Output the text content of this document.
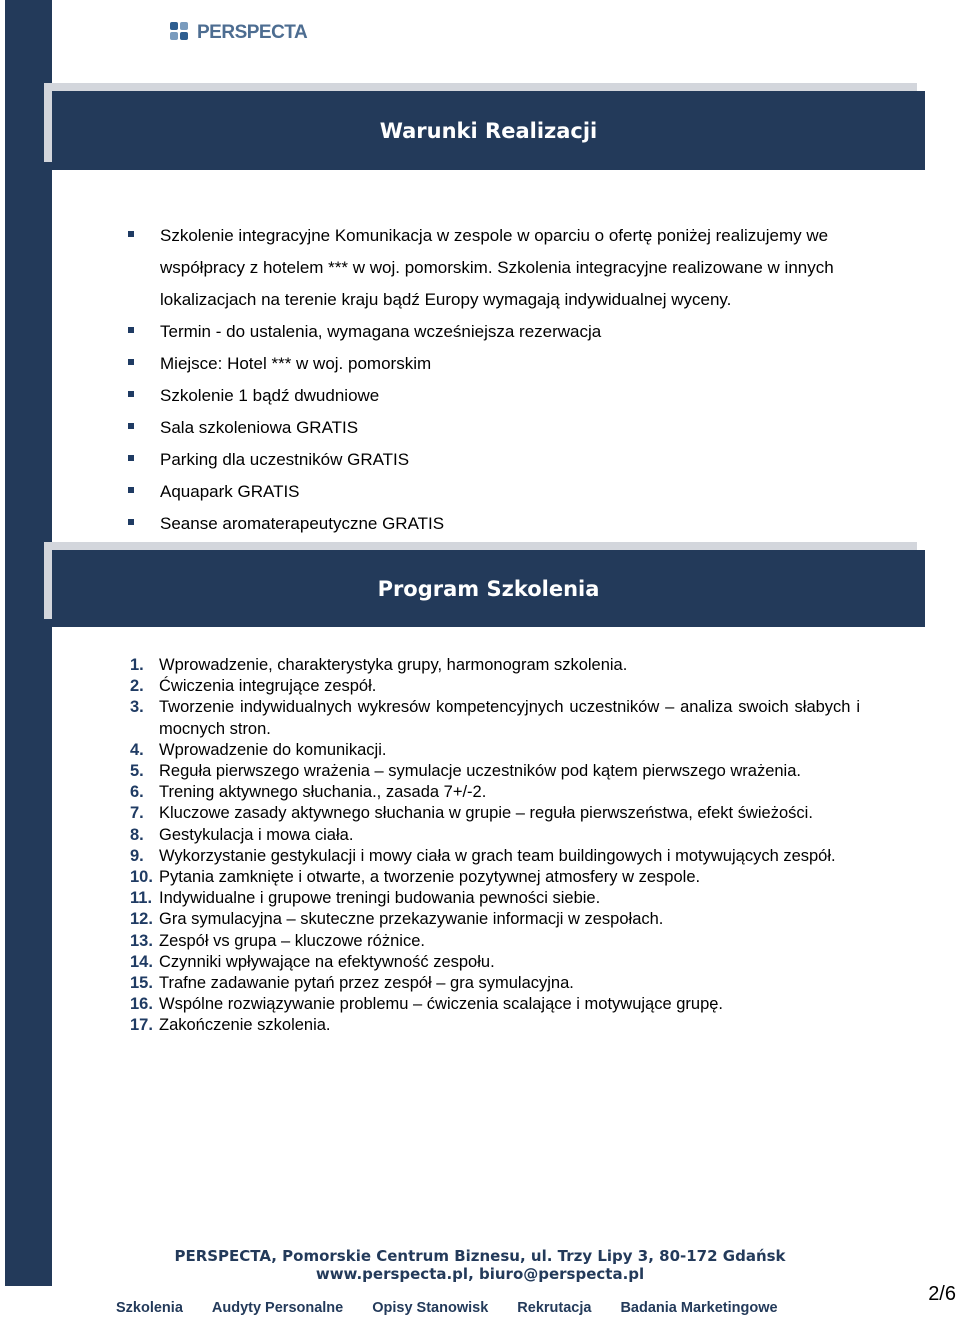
PERSPECTA
Warunki Realizacji
Szkolenie integracyjne Komunikacja w zespole w oparciu o ofertę poniżej realizujemy we współpracy z hotelem *** w woj. pomorskim. Szkolenia integracyjne realizowane w innych lokalizacjach na terenie kraju bądź Europy wymagają indywidualnej wyceny.
Termin - do ustalenia, wymagana wcześniejsza rezerwacja
Miejsce: Hotel *** w woj. pomorskim
Szkolenie 1 bądź dwudniowe
Sala szkoleniowa GRATIS
Parking dla uczestników GRATIS
Aquapark GRATIS
Seanse aromaterapeutyczne GRATIS
Program Szkolenia
1. Wprowadzenie, charakterystyka grupy, harmonogram szkolenia.
2. Ćwiczenia integrujące zespół.
3. Tworzenie indywidualnych wykresów kompetencyjnych uczestników – analiza swoich słabych i mocnych stron.
4. Wprowadzenie do komunikacji.
5. Reguła pierwszego wrażenia – symulacje uczestników pod kątem pierwszego wrażenia.
6. Trening aktywnego słuchania., zasada 7+/-2.
7. Kluczowe zasady aktywnego słuchania w grupie – reguła pierwszeństwa, efekt świeżości.
8. Gestykulacja i mowa ciała.
9. Wykorzystanie gestykulacji i mowy ciała w grach team buildingowych i motywujących zespół.
10. Pytania zamknięte i otwarte, a tworzenie pozytywnej atmosfery w zespole.
11. Indywidualne i grupowe treningi budowania pewności siebie.
12. Gra symulacyjna – skuteczne przekazywanie informacji w zespołach.
13. Zespół vs grupa – kluczowe różnice.
14. Czynniki wpływające na efektywność zespołu.
15. Trafne zadawanie pytań przez zespół – gra symulacyjna.
16. Wspólne rozwiązywanie problemu – ćwiczenia scalające i motywujące grupę.
17. Zakończenie szkolenia.
PERSPECTA, Pomorskie Centrum Biznesu, ul. Trzy Lipy 3, 80-172 Gdańsk
www.perspecta.pl, biuro@perspecta.pl
Szkolenia Audyty Personalne Opisy Stanowisk Rekrutacja Badania Marketingowe
2/6
